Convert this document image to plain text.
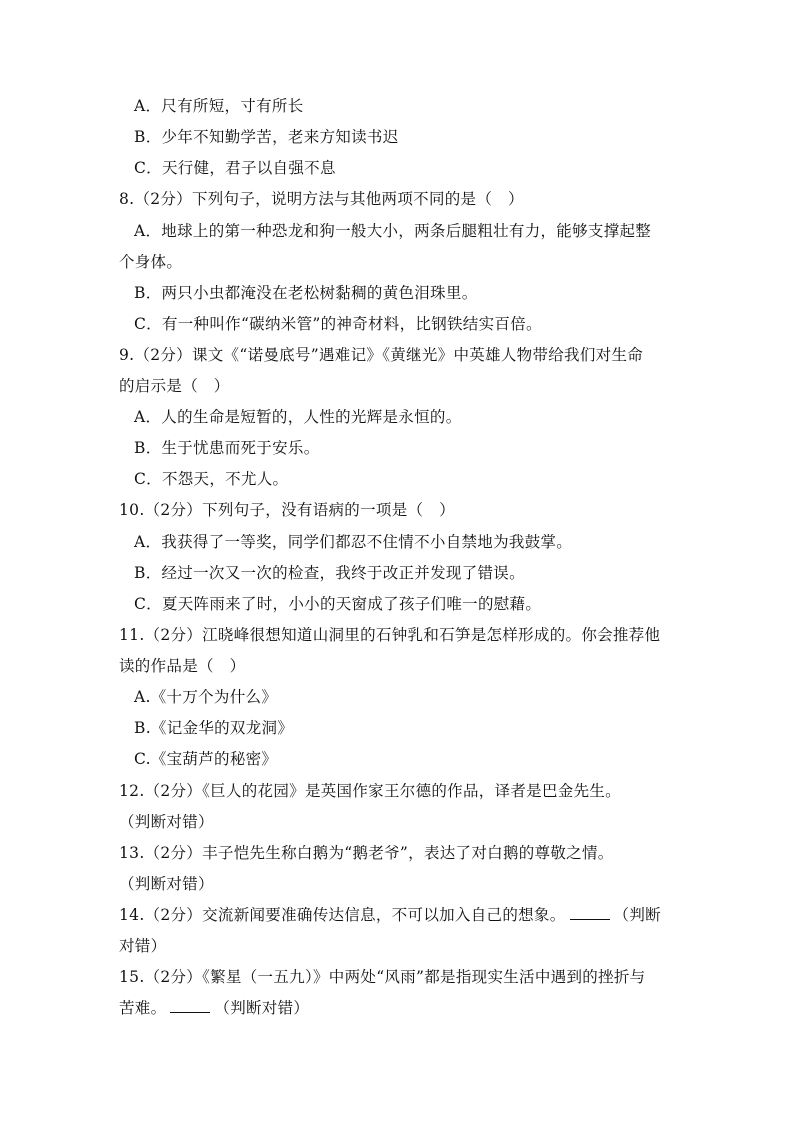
A．尺有所短，寸有所长
B．少年不知勤学苦，老来方知读书迟
C．天行健，君子以自强不息
8.（2分）下列句子，说明方法与其他两项不同的是（　）
A．地球上的第一种恐龙和狗一般大小，两条后腿粗壮有力，能够支撑起整
个身体。
B．两只小虫都淹没在老松树黏稠的黄色泪珠里。
C．有一种叫作“碳纳米管”的神奇材料，比钢铁结实百倍。
9.（2分）课文《“诺曼底号”遇难记》《黄继光》中英雄人物带给我们对生命
的启示是（　）
A．人的生命是短暂的，人性的光辉是永恒的。
B．生于忧患而死于安乐。
C．不怨天，不尤人。
10.（2分）下列句子，没有语病的一项是（　）
A．我获得了一等奖，同学们都忍不住情不小自禁地为我鼓掌。
B．经过一次又一次的检查，我终于改正并发现了错误。
C．夏天阵雨来了时，小小的天窗成了孩子们唯一的慰藉。
11.（2分）江晓峰很想知道山洞里的石钟乳和石笋是怎样形成的。你会推荐他
读的作品是（　）
A.《十万个为什么》
B.《记金华的双龙洞》
C.《宝葫芦的秘密》
12.（2分）《巨人的花园》是英国作家王尔德的作品，译者是巴金先生。
（判断对错）
13.（2分）丰子恺先生称白鹅为“鹅老爷”，表达了对白鹅的尊敬之情。
（判断对错）
14.（2分）交流新闻要准确传达信息，不可以加入自己的想象。	（判断
对错）
15.（2分）《繁星（一五九）》中两处“风雨”都是指现实生活中遇到的挫折与
苦难。	（判断对错）
